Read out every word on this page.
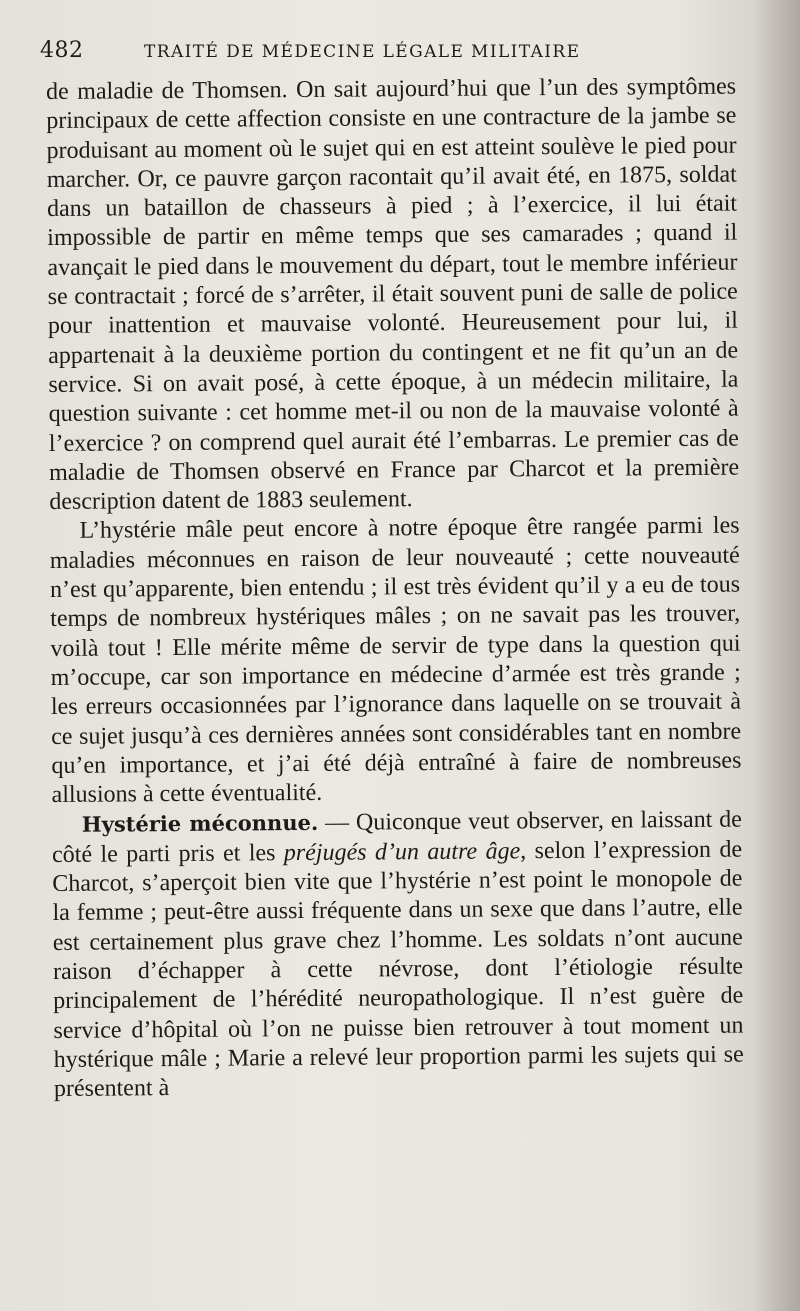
482	TRAITÉ DE MÉDECINE LÉGALE MILITAIRE

de maladie de Thomsen. On sait aujourd’hui que l’un des symptômes principaux de cette affection consiste en une contracture de la jambe se produisant au moment où le sujet qui en est atteint soulève le pied pour marcher. Or, ce pauvre garçon racontait qu’il avait été, en 1875, soldat dans un bataillon de chasseurs à pied ; à l’exercice, il lui était impossible de partir en même temps que ses camarades ; quand il avançait le pied dans le mouvement du départ, tout le membre inférieur se contractait ; forcé de s’arrêter, il était souvent puni de salle de police pour inattention et mauvaise volonté. Heureusement pour lui, il appartenait à la deuxième portion du contingent et ne fit qu’un an de service. Si on avait posé, à cette époque, à un médecin militaire, la question suivante : cet homme met-il ou non de la mauvaise volonté à l’exercice ? on comprend quel aurait été l’embarras. Le premier cas de maladie de Thomsen observé en France par Charcot et la première description datent de 1883 seulement.

L’hystérie mâle peut encore à notre époque être rangée parmi les maladies méconnues en raison de leur nouveauté ; cette nouveauté n’est qu’apparente, bien entendu ; il est très évident qu’il y a eu de tous temps de nombreux hystériques mâles ; on ne savait pas les trouver, voilà tout ! Elle mérite même de servir de type dans la question qui m’occupe, car son importance en médecine d’armée est très grande ; les erreurs occasionnées par l’ignorance dans laquelle on se trouvait à ce sujet jusqu’à ces dernières années sont considérables tant en nombre qu’en importance, et j’ai été déjà entraîné à faire de nombreuses allusions à cette éventualité.

Hystérie méconnue. — Quiconque veut observer, en laissant de côté le parti pris et les préjugés d’un autre âge, selon l’expression de Charcot, s’aperçoit bien vite que l’hystérie n’est point le monopole de la femme ; peut-être aussi fréquente dans un sexe que dans l’autre, elle est certainement plus grave chez l’homme. Les soldats n’ont aucune raison d’échapper à cette névrose, dont l’étiologie résulte principalement de l’hérédité neuropathologique. Il n’est guère de service d’hôpital où l’on ne puisse bien retrouver à tout moment un hystérique mâle ; Marie a relevé leur proportion parmi les sujets qui se présentent à
